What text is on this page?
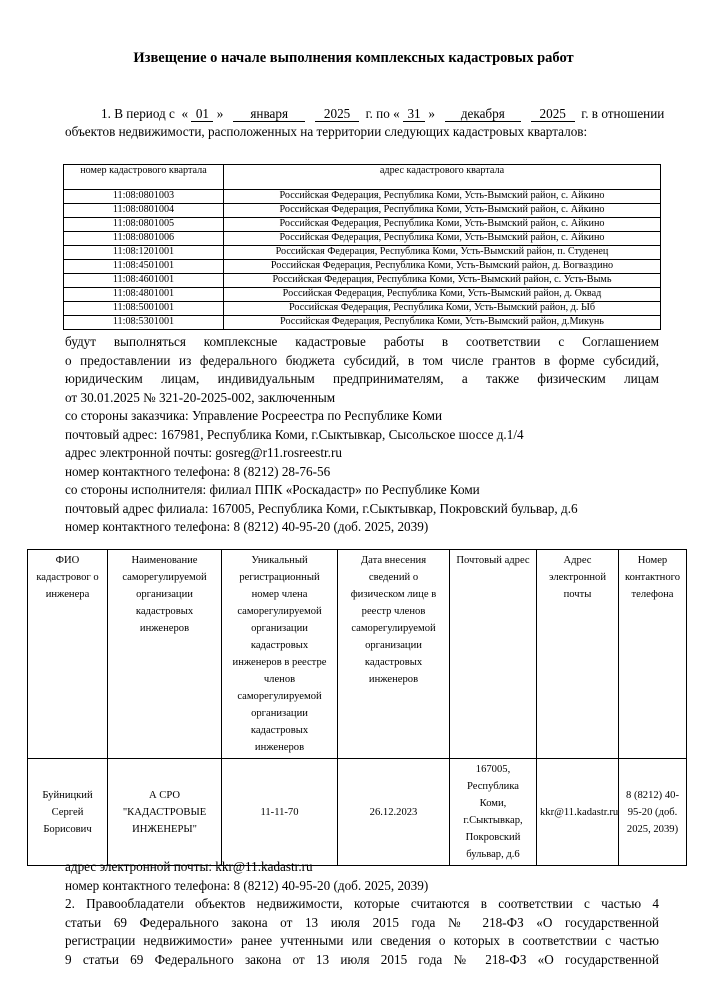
Извещение о начале выполнения комплексных кадастровых работ
1. В период с « 01 » января	2025 г. по « 31 » декабря	2025 г. в отношении
объектов недвижимости, расположенных на территории следующих кадастровых кварталов:
номер кадастрового квартала	адрес кадастрового квартала
11:08:0801003	Российская Федерация, Республика Коми, Усть-Вымский район, с. Айкино
11:08:0801004	Российская Федерация, Республика Коми, Усть-Вымский район, с. Айкино
11:08:0801005	Российская Федерация, Республика Коми, Усть-Вымский район, с. Айкино
11:08:0801006	Российская Федерация, Республика Коми, Усть-Вымский район, с. Айкино
11:08:1201001	Российская Федерация, Республика Коми, Усть-Вымский район, п. Студенец
11:08:4501001	Российская Федерация, Республика Коми, Усть-Вымский район, д. Вогваздино
11:08:4601001	Российская Федерация, Республика Коми, Усть-Вымский район, с. Усть-Вымь
11:08:4801001	Российская Федерация, Республика Коми, Усть-Вымский район, д. Оквад
11:08:5001001	Российская Федерация, Республика Коми, Усть-Вымский район, д. Ыб
11:08:5301001	Российская Федерация, Республика Коми, Усть-Вымский район, д.Микунь
будут выполняться комплексные кадастровые работы в соответствии с Соглашением
о предоставлении из федерального бюджета субсидий, в том числе грантов в форме субсидий,
юридическим лицам, индивидуальным предпринимателям, а также физическим лицам
от 30.01.2025 № 321-20-2025-002, заключенным
со стороны заказчика: Управление Росреестра по Республике Коми
почтовый адрес: 167981, Республика Коми, г.Сыктывкар, Сысольское шоссе д.1/4
адрес электронной почты: gosreg@r11.rosreestr.ru
номер контактного телефона: 8 (8212) 28-76-56
со стороны исполнителя: филиал ППК «Роскадастр» по Республике Коми
почтовый адрес филиала: 167005, Республика Коми, г.Сыктывкар, Покровский бульвар, д.6
номер контактного телефона: 8 (8212) 40-95-20 (доб. 2025, 2039)
ФИО кадастровог о инженера	Наименование саморегулируемой организации кадастровых инженеров	Уникальный регистрационный номер члена саморегулируемой организации кадастровых инженеров в реестре членов саморегулируемой организации кадастровых инженеров	Дата внесения сведений о физическом лице в реестр членов саморегулируемой организации кадастровых инженеров	Почтовый адрес	Адрес электронной почты	Номер контактного телефона
Буйницкий Сергей Борисович	А СРО "КАДАСТРОВЫЕ ИНЖЕНЕРЫ"	11-11-70	26.12.2023	167005, Республика Коми, г.Сыктывкар, Покровский бульвар, д.6	kkr@11.kadastr.ru	8 (8212) 40-95-20 (доб. 2025, 2039)
адрес электронной почты: kkr@11.kadastr.ru
номер контактного телефона: 8 (8212) 40-95-20 (доб. 2025, 2039)
2. Правообладатели объектов недвижимости, которые считаются в соответствии с частью 4
статьи 69 Федерального закона от 13 июля 2015 года № 218-ФЗ «О государственной
регистрации недвижимости» ранее учтенными или сведения о которых в соответствии с частью
9 статьи 69 Федерального закона от 13 июля 2015 года № 218-ФЗ «О государственной
